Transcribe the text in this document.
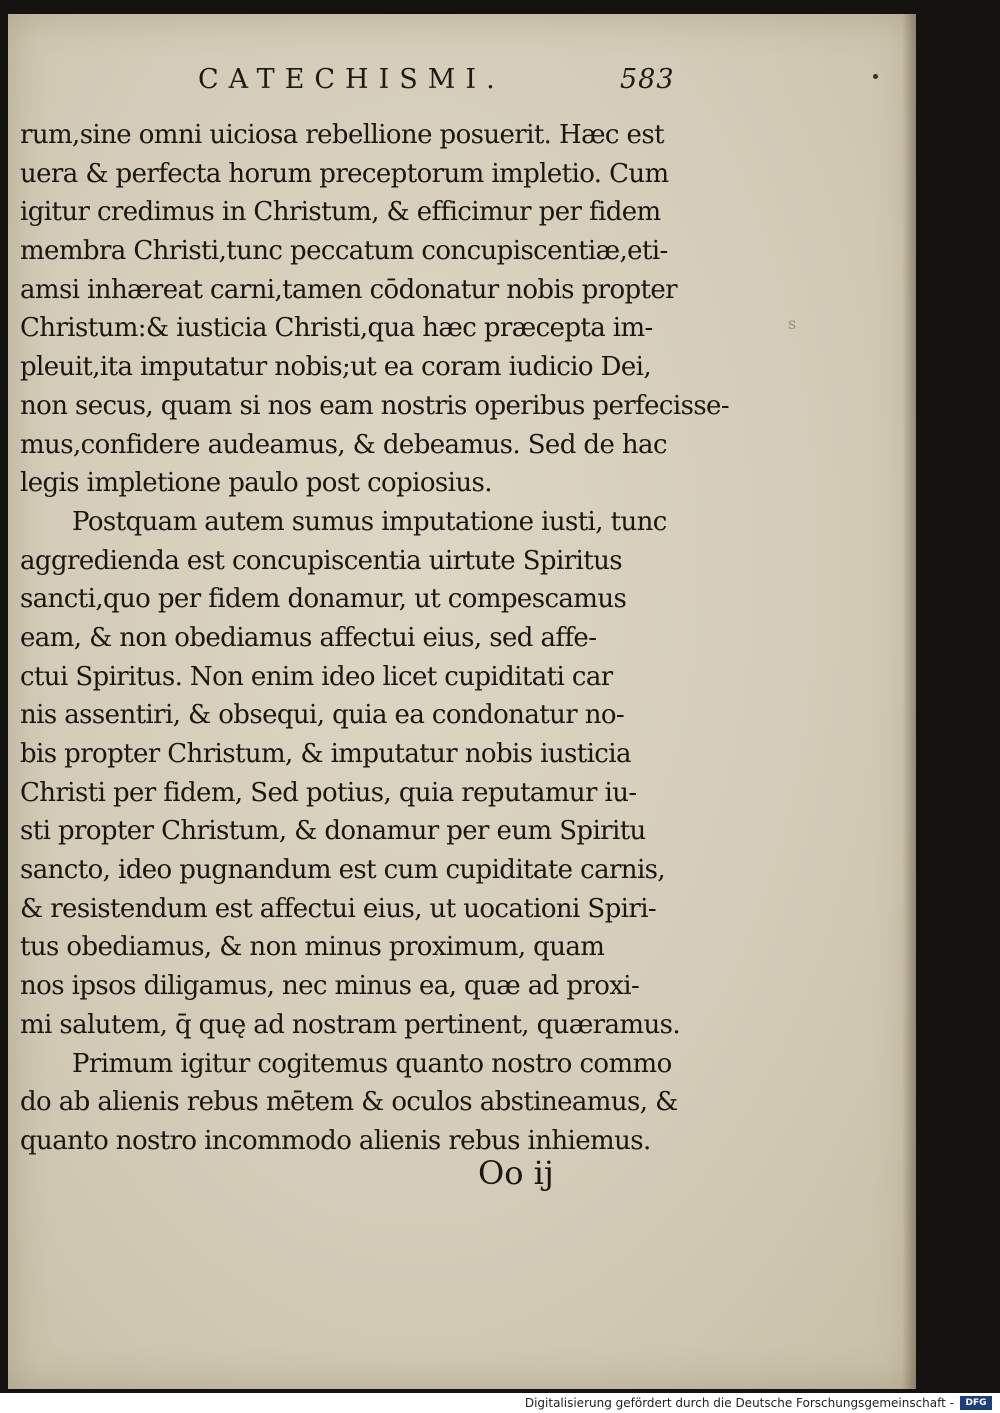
CATECHISMI.	583
ꜱ
rum,sine omni uiciosa rebellione posuerit. Hæc est
uera & perfecta horum preceptorum impletio. Cum
igitur credimus in Christum, & efficimur per fidem
membra Christi,tunc peccatum concupiscentiæ,eti-
amsi inhæreat carni,tamen cōdonatur nobis propter
Christum:& iusticia Christi,qua hæc præcepta im-
pleuit,ita imputatur nobis;ut ea coram iudicio Dei,
non secus, quam si nos eam nostris operibus perfecisse-
mus,confidere audeamus, & debeamus. Sed de hac
legis impletione paulo post copiosius.
Postquam autem sumus imputatione iusti, tunc
aggredienda est concupiscentia uirtute Spiritus
sancti,quo per fidem donamur, ut compescamus
eam, & non obediamus affectui eius, sed affe-
ctui Spiritus. Non enim ideo licet cupiditati car
nis assentiri, & obsequi, quia ea condonatur no-
bis propter Christum, & imputatur nobis iusticia
Christi per fidem, Sed potius, quia reputamur iu-
sti propter Christum, & donamur per eum Spiritu
sancto, ideo pugnandum est cum cupiditate carnis,
& resistendum est affectui eius, ut uocationi Spiri-
tus obediamus, & non minus proximum, quam
nos ipsos diligamus, nec minus ea, quæ ad proxi-
mi salutem, q̄ quę ad nostram pertinent, quæramus.
Primum igitur cogitemus quanto nostro commo
do ab alienis rebus mētem & oculos abstineamus, &
quanto nostro incommodo alienis rebus inhiemus.
Oo ij
Digitalisierung gefördert durch die Deutsche Forschungsgemeinschaft -	DFG
